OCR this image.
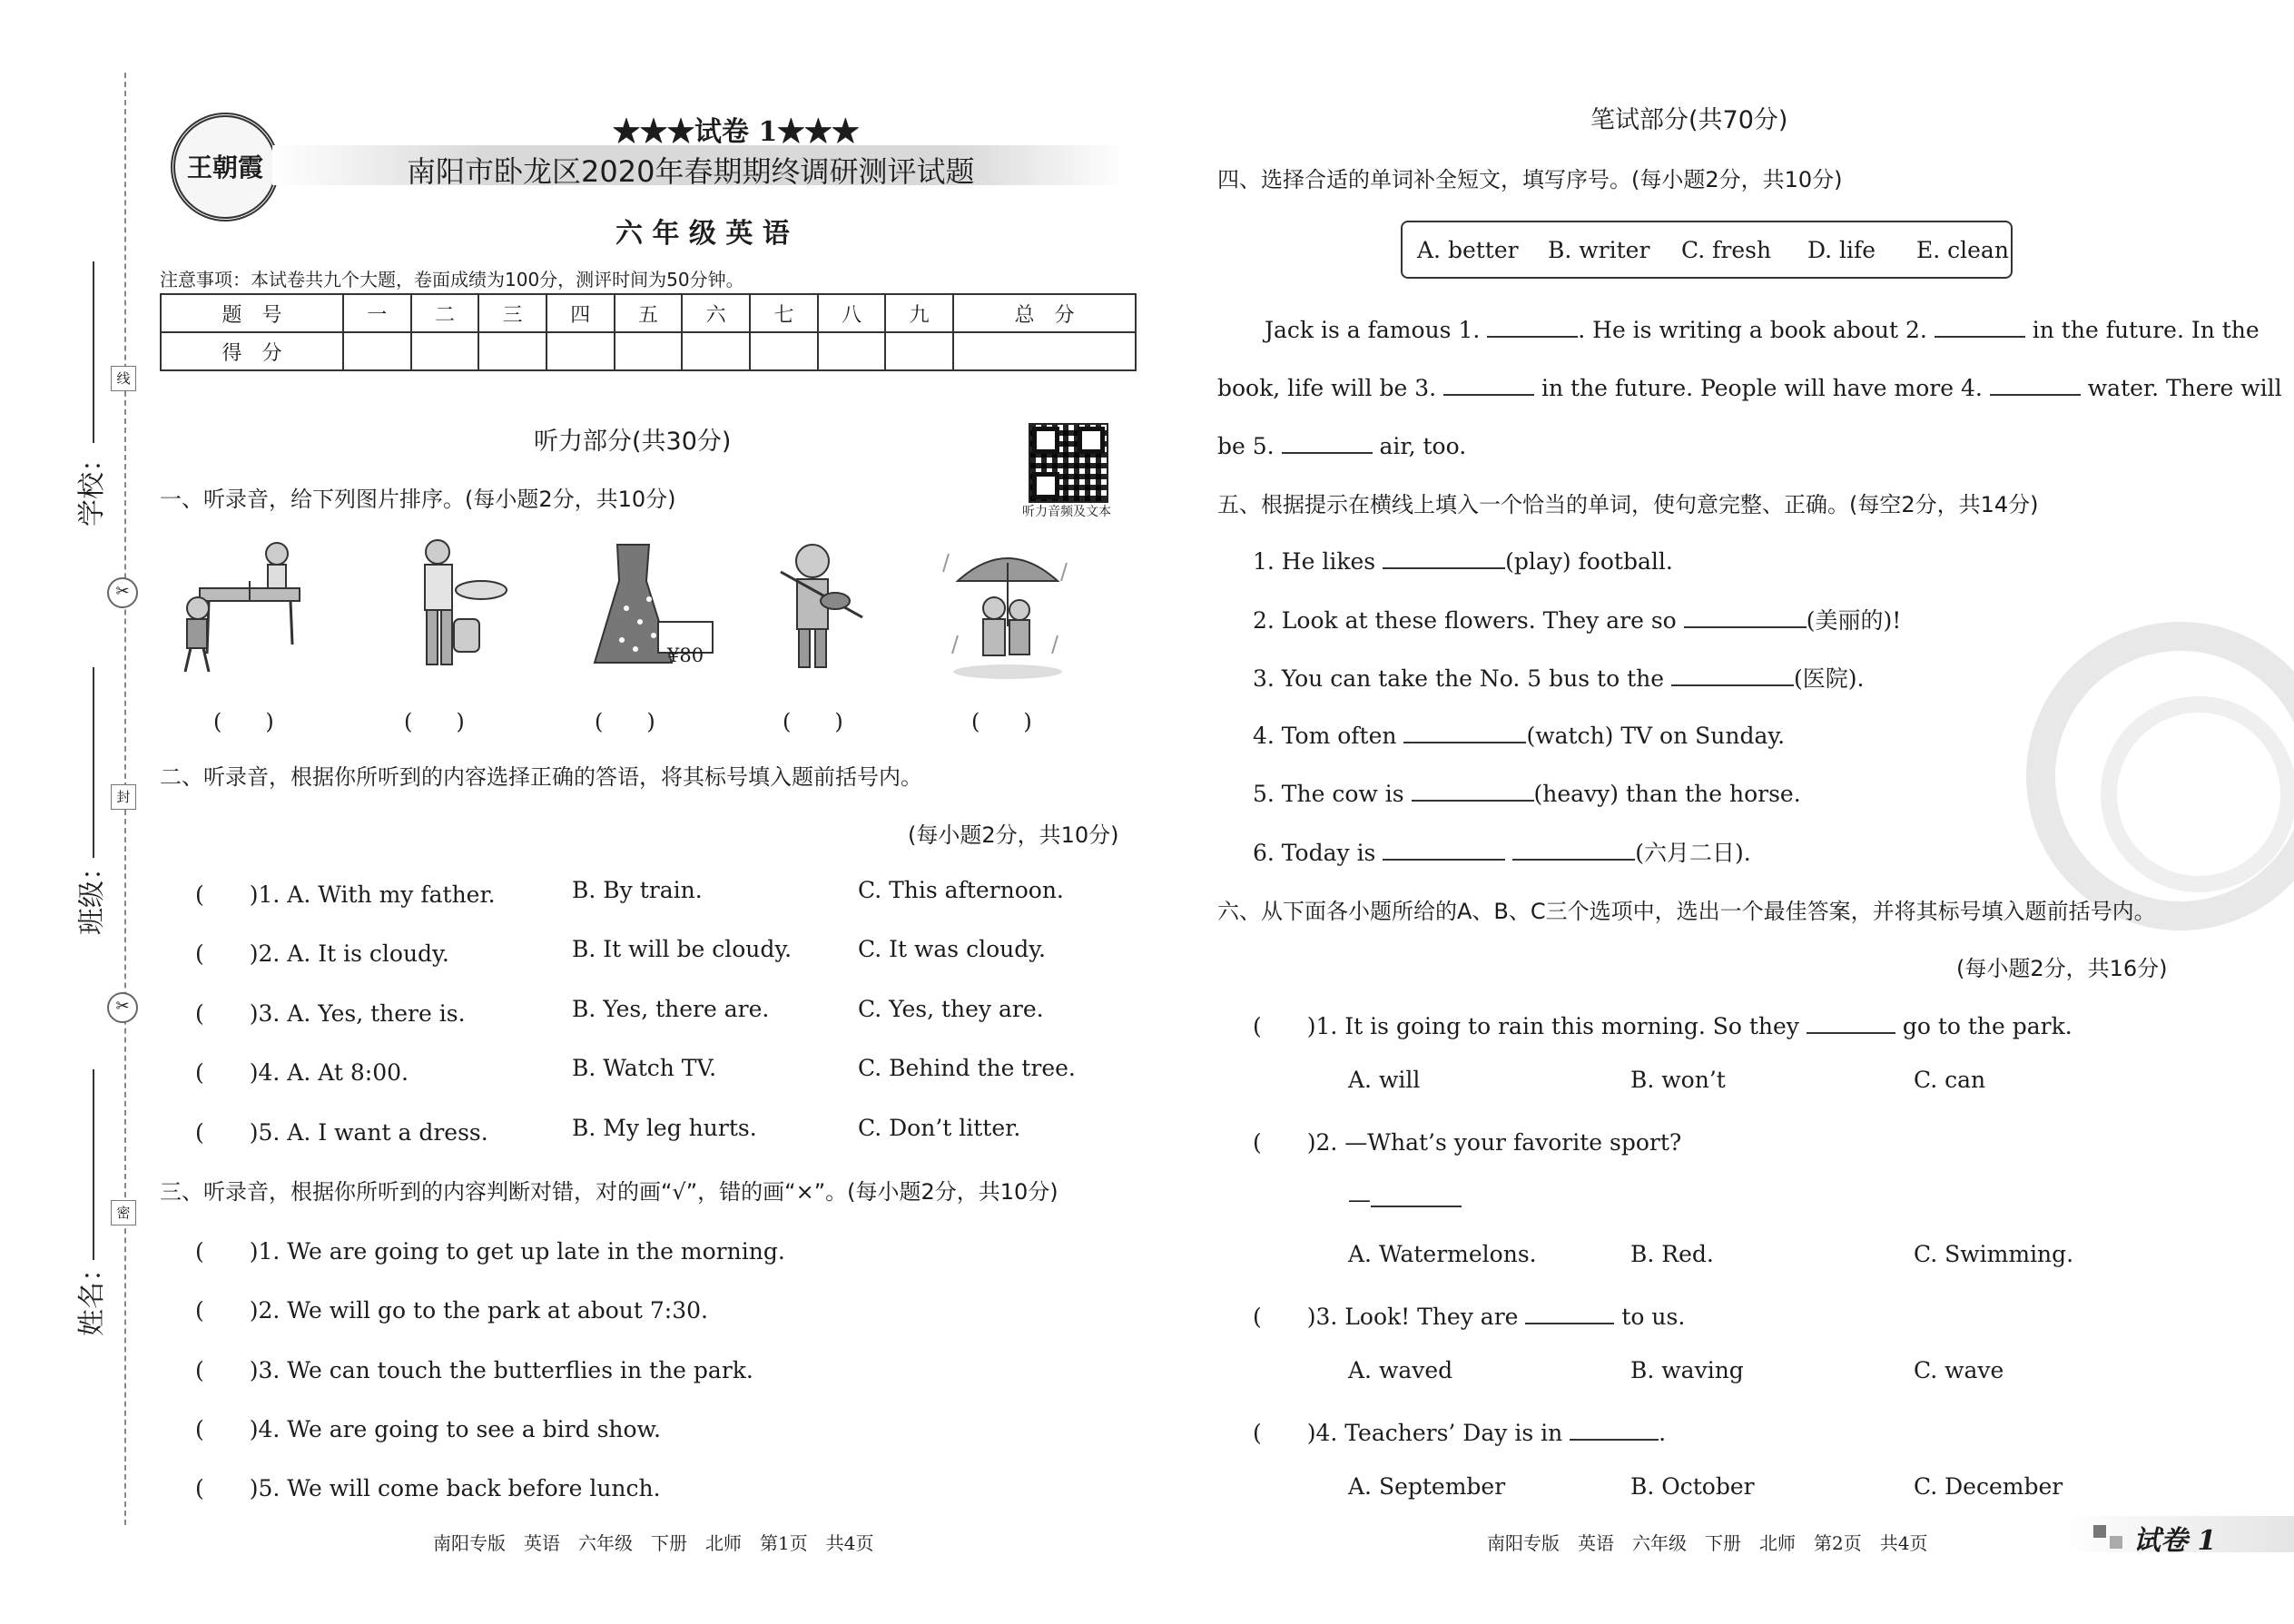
线
封
密
✂
✂
学校：
班级：
姓名：
王朝霞
★★★试卷 1★★★
南阳市卧龙区2020年春期期终调研测评试题
六 年 级 英 语
注意事项：本试卷共九个大题，卷面成绩为100分，测评时间为50分钟。
题　号	一	二	三	四	五	六	七	八	九	总　分
得　分										
听力部分(共30分)
听力音频及文本
一、听录音，给下列图片排序。(每小题2分，共10分)
¥80
(　　)	(　　)	(　　)	(　　)	(　　)
二、听录音，根据你所听到的内容选择正确的答语，将其标号填入题前括号内。
(每小题2分，共10分)
(　　)1. A. With my father.	B. By train.	C. This afternoon.
(　　)2. A. It is cloudy.	B. It will be cloudy.	C. It was cloudy.
(　　)3. A. Yes, there is.	B. Yes, there are.	C. Yes, they are.
(　　)4. A. At 8:00.	B. Watch TV.	C. Behind the tree.
(　　)5. A. I want a dress.	B. My leg hurts.	C. Don’t litter.
三、听录音，根据你所听到的内容判断对错，对的画“√”，错的画“×”。(每小题2分，共10分)
(　　)1. We are going to get up late in the morning.
(　　)2. We will go to the park at about 7:30.
(　　)3. We can touch the butterflies in the park.
(　　)4. We are going to see a bird show.
(　　)5. We will come back before lunch.
笔试部分(共70分)
四、选择合适的单词补全短文，填写序号。(每小题2分，共10分)
A. better B. writer C. fresh D. life E. clean
Jack is a famous 1.	. He is writing a book about 2.	in the future. In the
book, life will be 3.	in the future. People will have more 4.	water. There will
be 5.	air, too.
五、根据提示在横线上填入一个恰当的单词，使句意完整、正确。(每空2分，共14分)
1. He likes	(play) football.
2. Look at these flowers. They are so	(美丽的)!
3. You can take the No. 5 bus to the	(医院).
4. Tom often	(watch) TV on Sunday.
5. The cow is	(heavy) than the horse.
6. Today is	(六月二日).
六、从下面各小题所给的A、B、C三个选项中，选出一个最佳答案，并将其标号填入题前括号内。
(每小题2分，共16分)
(　　)1. It is going to rain this morning. So they	go to the park.
A. will	B. won’t	C. can
(　　)2. —What’s your favorite sport?
—
A. Watermelons.	B. Red.	C. Swimming.
(　　)3. Look! They are	to us.
A. waved	B. waving	C. wave
(　　)4. Teachers’ Day is in	.
A. September	B. October	C. December
南阳专版　英语　六年级　下册　北师　第1页　共4页	南阳专版　英语　六年级　下册　北师　第2页　共4页	试卷 1
